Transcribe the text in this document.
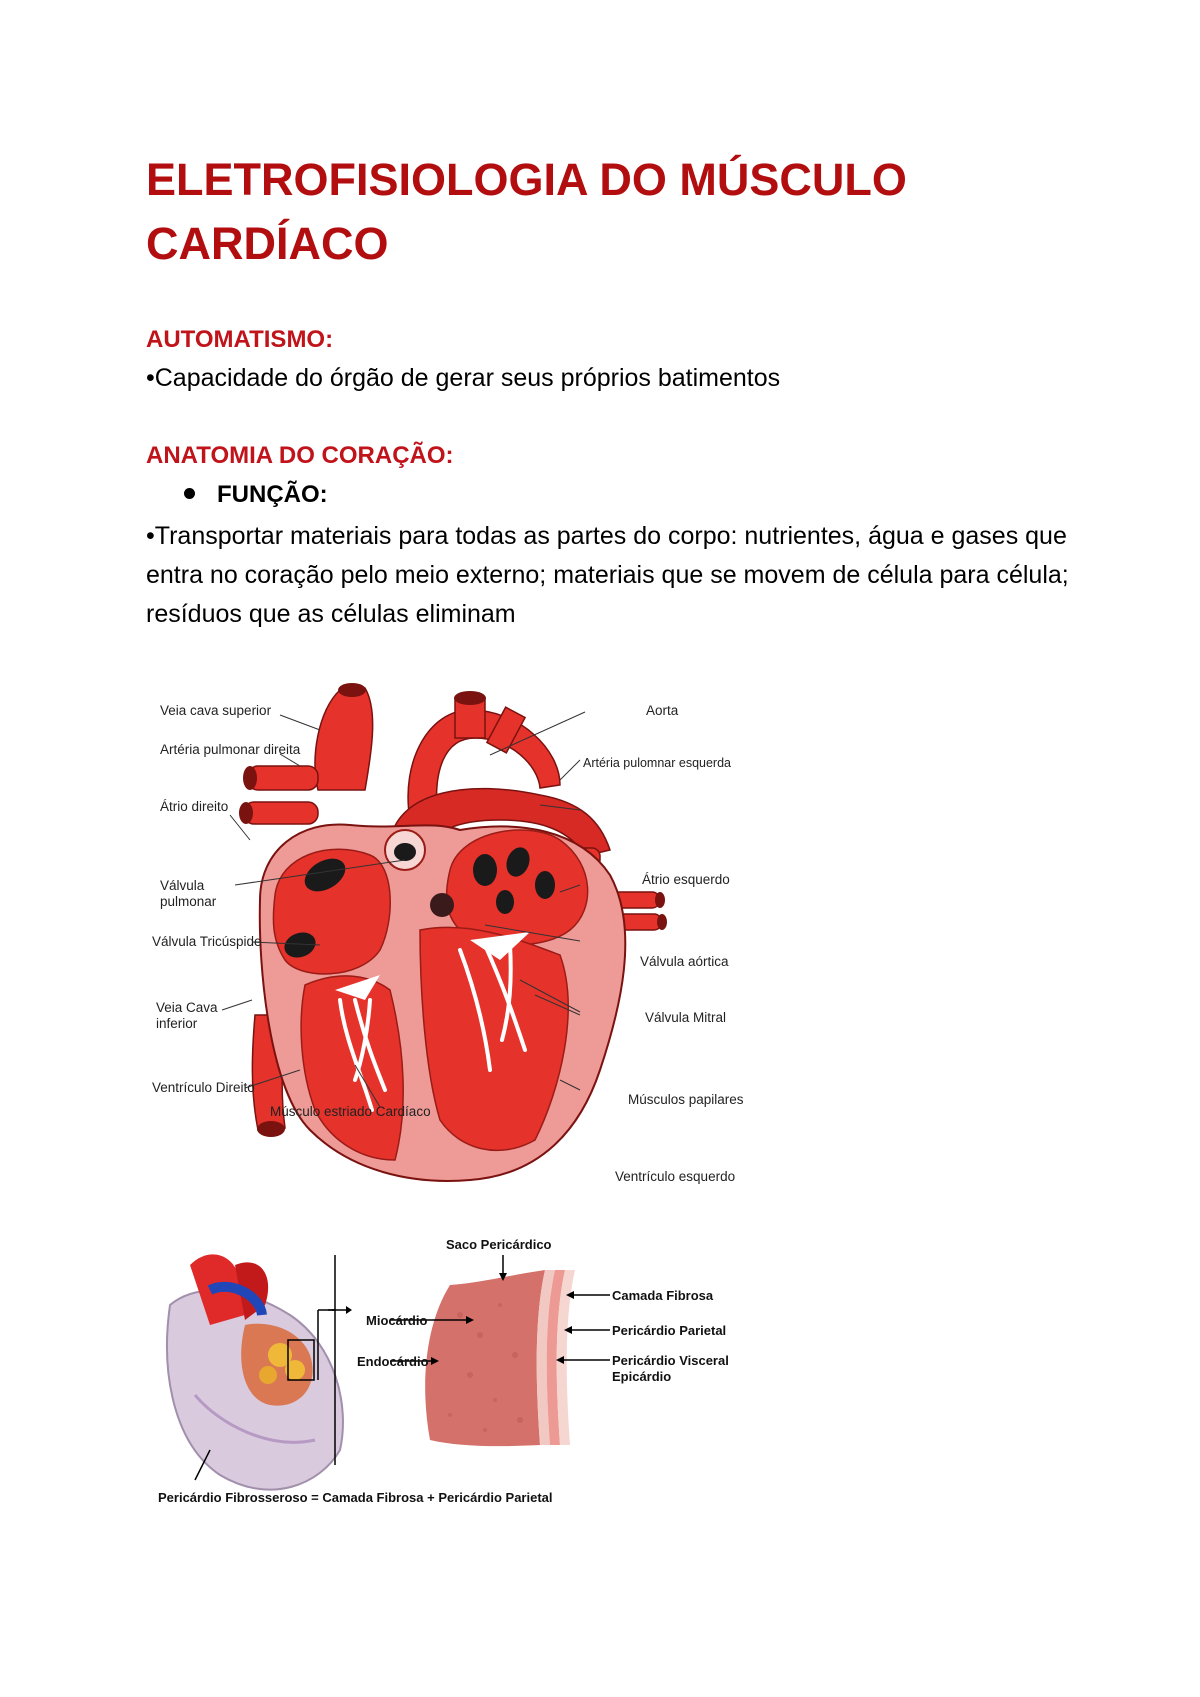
ELETROFISIOLOGIA DO MÚSCULO CARDÍACO
AUTOMATISMO:

•Capacidade do órgão de gerar seus próprios batimentos

ANATOMIA DO CORAÇÃO:
FUNÇÃO:

•Transportar materiais para todas as partes do corpo: nutrientes, água e gases que entra no coração pelo meio externo; materiais que se movem de célula para célula; resíduos que as células eliminam

Veia cava superior
Artéria pulmonar direita
Átrio direito
Válvula
pulmonar
Válvula Tricúspide
Veia Cava
inferior
Ventrículo Direito
Músculo estriado Cardíaco
Aorta
Artéria pulomnar esquerda
Átrio esquerdo
Válvula aórtica
Válvula Mitral
Músculos papilares
Ventrículo esquerdo
Saco Pericárdico
Miocárdio
Endocárdio
Camada Fibrosa
Pericárdio Parietal
Pericárdio Visceral
Epicárdio
Pericárdio Fibrosseroso = Camada Fibrosa + Pericárdio Parietal
